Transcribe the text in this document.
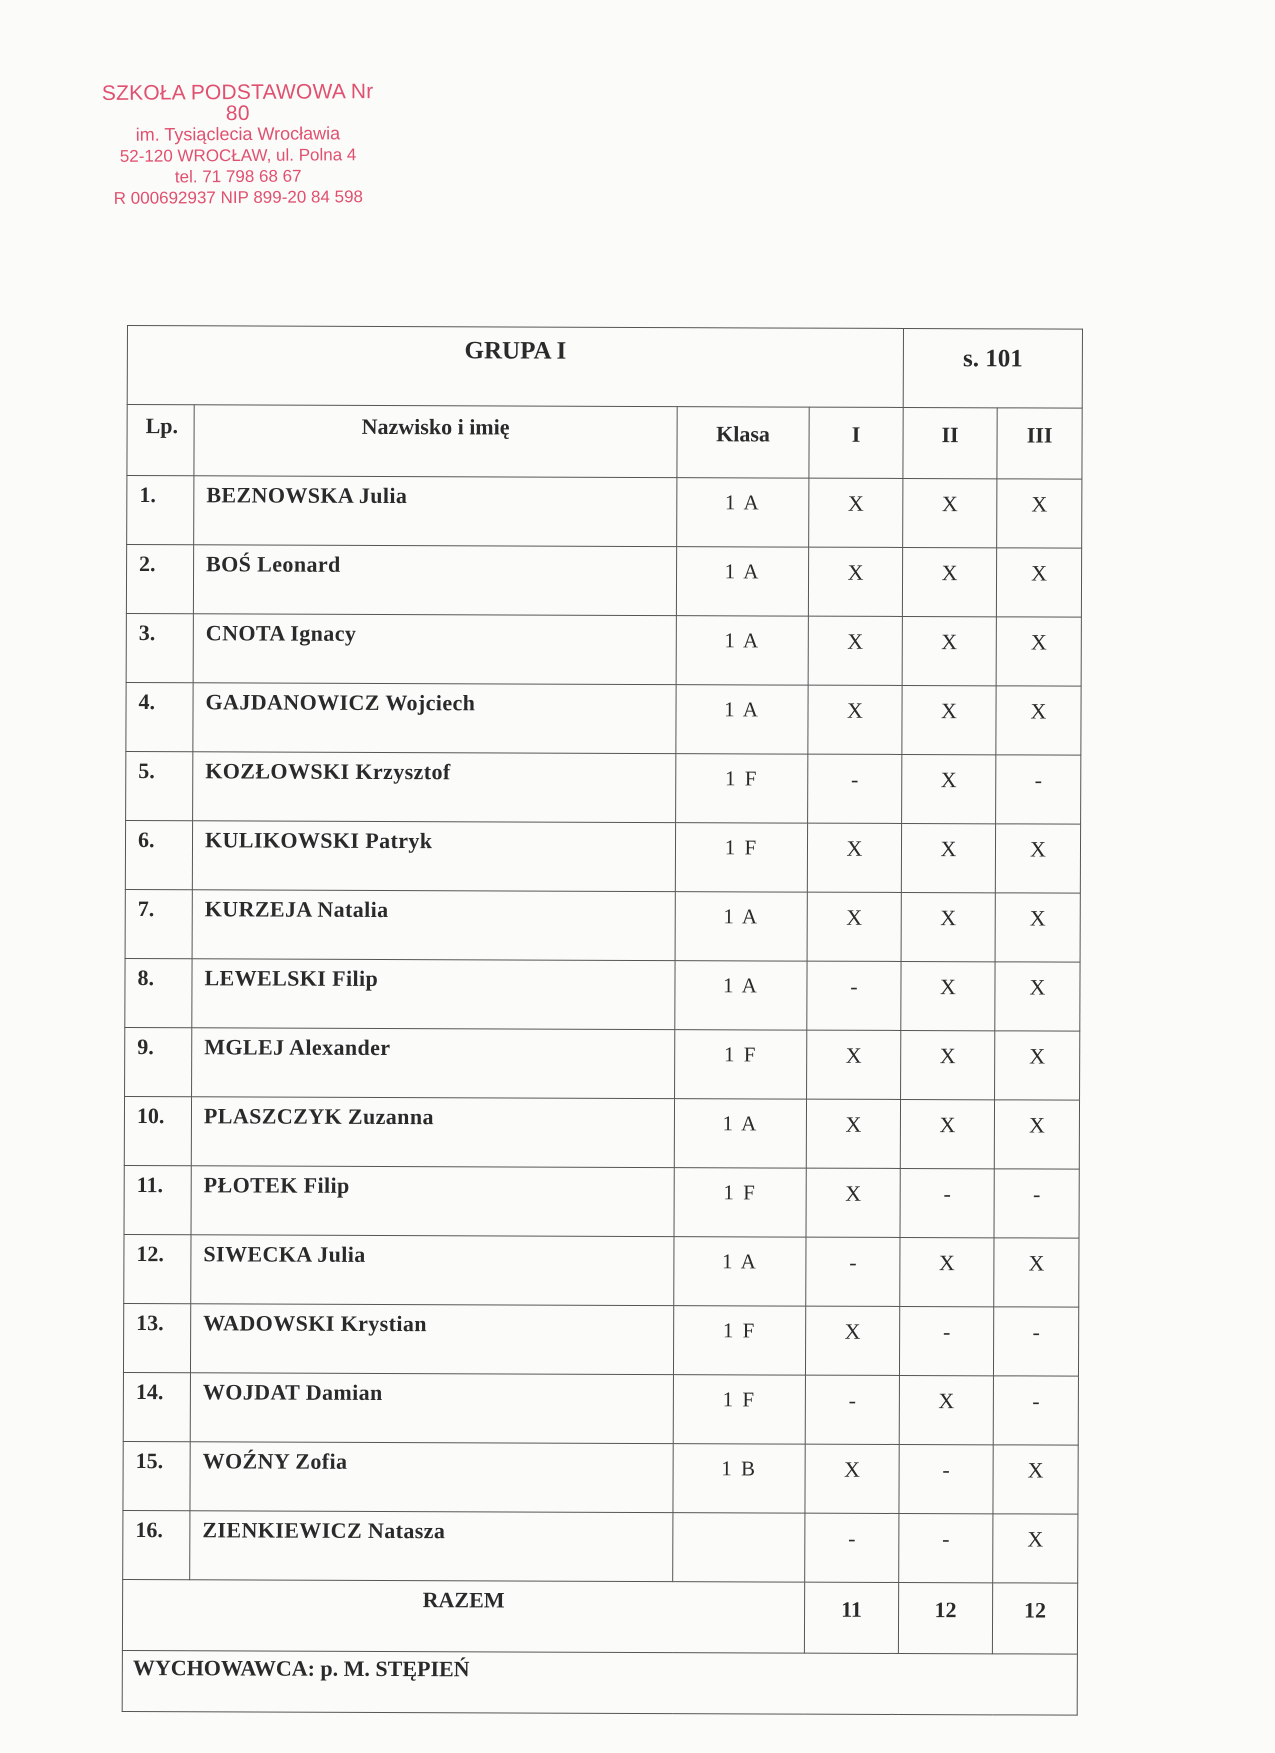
SZKOŁA PODSTAWOWA Nr 80
im. Tysiąclecia Wrocławia
52-120 WROCŁAW, ul. Polna 4
tel. 71 798 68 67
R 000692937 NIP 899-20 84 598
GRUPA I				s. 101	
Lp.	Nazwisko i imię	Klasa	I	II	III
1.	BEZNOWSKA Julia	1 A	X	X	X
2.	BOŚ Leonard	1 A	X	X	X
3.	CNOTA Ignacy	1 A	X	X	X
4.	GAJDANOWICZ Wojciech	1 A	X	X	X
5.	KOZŁOWSKI Krzysztof	1 F	-	X	-
6.	KULIKOWSKI Patryk	1 F	X	X	X
7.	KURZEJA Natalia	1 A	X	X	X
8.	LEWELSKI Filip	1 A	-	X	X
9.	MGLEJ Alexander	1 F	X	X	X
10.	PLASZCZYK Zuzanna	1 A	X	X	X
11.	PŁOTEK Filip	1 F	X	-	-
12.	SIWECKA Julia	1 A	-	X	X
13.	WADOWSKI Krystian	1 F	X	-	-
14.	WOJDAT Damian	1 F	-	X	-
15.	WOŹNY Zofia	1 B	X	-	X
16.	ZIENKIEWICZ Natasza		-	-	X
RAZEM			11	12	12
WYCHOWAWCA: p. M. STĘPIEŃ					
